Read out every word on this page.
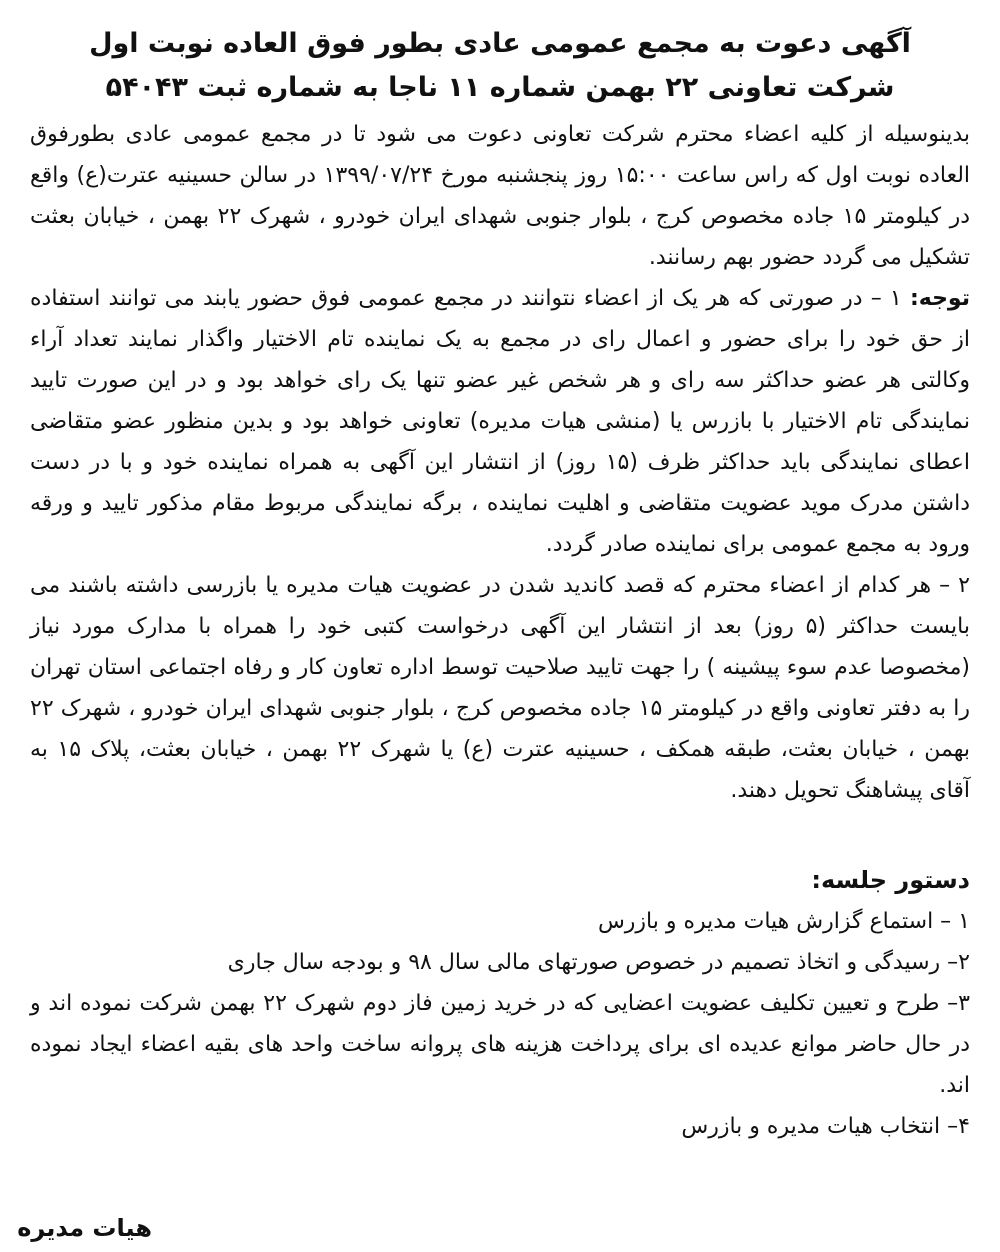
آگهی دعوت به مجمع عمومی عادی بطور فوق العاده نوبت اول
شرکت تعاونی ۲۲ بهمن شماره ۱۱ ناجا به شماره ثبت ۵۴۰۴۳

بدینوسیله از کلیه اعضاء محترم شرکت تعاونی دعوت می شود تا در مجمع عمومی عادی بطورفوق العاده نوبت اول که راس ساعت ۱۵:۰۰ روز پنجشنبه مورخ ۱۳۹۹/۰۷/۲۴ در سالن حسینیه عترت(ع) واقع در کیلومتر ۱۵ جاده مخصوص کرج ، بلوار جنوبی شهدای ایران خودرو ، شهرک ۲۲ بهمن ، خیابان بعثت تشکیل می گردد حضور بهم رسانند.

توجه: ۱ – در صورتی که هر یک از اعضاء نتوانند در مجمع عمومی فوق حضور یابند می توانند استفاده از حق خود را برای حضور و اعمال رای در مجمع به یک نماینده تام الاختیار واگذار نمایند تعداد آراء وکالتی هر عضو حداکثر سه رای و هر شخص غیر عضو تنها یک رای خواهد بود و در این صورت تایید نمایندگی تام الاختیار با بازرس یا (منشی هیات مدیره) تعاونی خواهد بود و بدین منظور عضو متقاضی اعطای نمایندگی باید حداکثر ظرف (۱۵ روز) از انتشار این آگهی به همراه نماینده خود و با در دست داشتن مدرک موید عضویت متقاضی و اهلیت نماینده ، برگه نمایندگی مربوط مقام مذکور تایید و ورقه ورود به مجمع عمومی برای نماینده صادر گردد.

۲ – هر کدام از اعضاء محترم که قصد کاندید شدن در عضویت هیات مدیره یا بازرسی داشته باشند می بایست حداکثر (۵ روز) بعد از انتشار این آگهی درخواست کتبی خود را همراه با مدارک مورد نیاز (مخصوصا عدم سوء پیشینه ) را جهت تایید صلاحیت توسط اداره تعاون کار و رفاه اجتماعی استان تهران را به دفتر تعاونی واقع در کیلومتر ۱۵ جاده مخصوص کرج ، بلوار جنوبی شهدای ایران خودرو ، شهرک ۲۲ بهمن ، خیابان بعثت، طبقه همکف ، حسینیه عترت (ع) یا شهرک ۲۲ بهمن ، خیابان بعثت، پلاک ۱۵ به آقای پیشاهنگ تحویل دهند.

دستور جلسه:
۱ – استماع گزارش هیات مدیره و بازرس
۲– رسیدگی و اتخاذ تصمیم در خصوص صورتهای مالی سال ۹۸ و بودجه سال جاری
۳– طرح و تعیین تکلیف عضویت اعضایی که در خرید زمین فاز دوم شهرک ۲۲ بهمن شرکت نموده اند و در حال حاضر موانع عدیده ای برای پرداخت هزینه های پروانه ساخت واحد های بقیه اعضاء ایجاد نموده اند.
۴– انتخاب هیات مدیره و بازرس
هیات مدیره
